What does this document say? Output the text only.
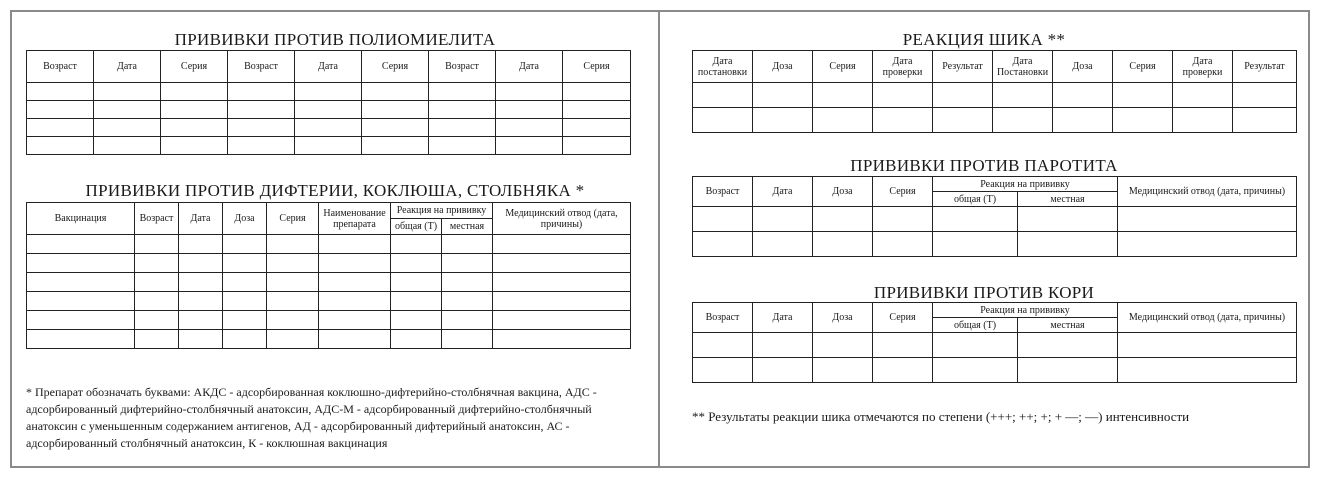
ПРИВИВКИ ПРОТИВ ПОЛИОМИЕЛИТА
Возраст	Дата	Серия	Возраст	Дата	Серия	Возраст	Дата	Серия

ПРИВИВКИ ПРОТИВ ДИФТЕРИИ, КОКЛЮША, СТОЛБНЯКА *
Вакцинация	Возраст	Дата	Доза	Серия	Наименование препарата	Реакция на прививку		Медицинский отвод (дата, причины)
						общая (Т)	местная	

* Препарат обозначать буквами: АКДС - адсорбированная коклюшно-дифтерийно-столбнячная вакцина, АДС - адсорбированный дифтерийно-столбнячный анатоксин, АДС-М - адсорбированный дифтерийно-столбнячный анатоксин с уменьшенным содержанием антигенов, АД - адсорбированный дифтерийный анатоксин, АС - адсорбированный столбнячный анатоксин, К - коклюшная вакцинация
РЕАКЦИЯ ШИКА **
Дата постановки	Доза	Серия	Дата проверки	Результат	Дата Постановки	Доза	Серия	Дата проверки	Результат

ПРИВИВКИ ПРОТИВ ПАРОТИТА
Возраст	Дата	Доза	Серия	Реакция на прививку		Медицинский отвод (дата, причины)
				общая (Т)	местная	

ПРИВИВКИ ПРОТИВ КОРИ
Возраст	Дата	Доза	Серия	Реакция на прививку		Медицинский отвод (дата, причины)
				общая (Т)	местная	

** Результаты реакции шика отмечаются по степени (+++; ++; +; + —; —) интенсивности
